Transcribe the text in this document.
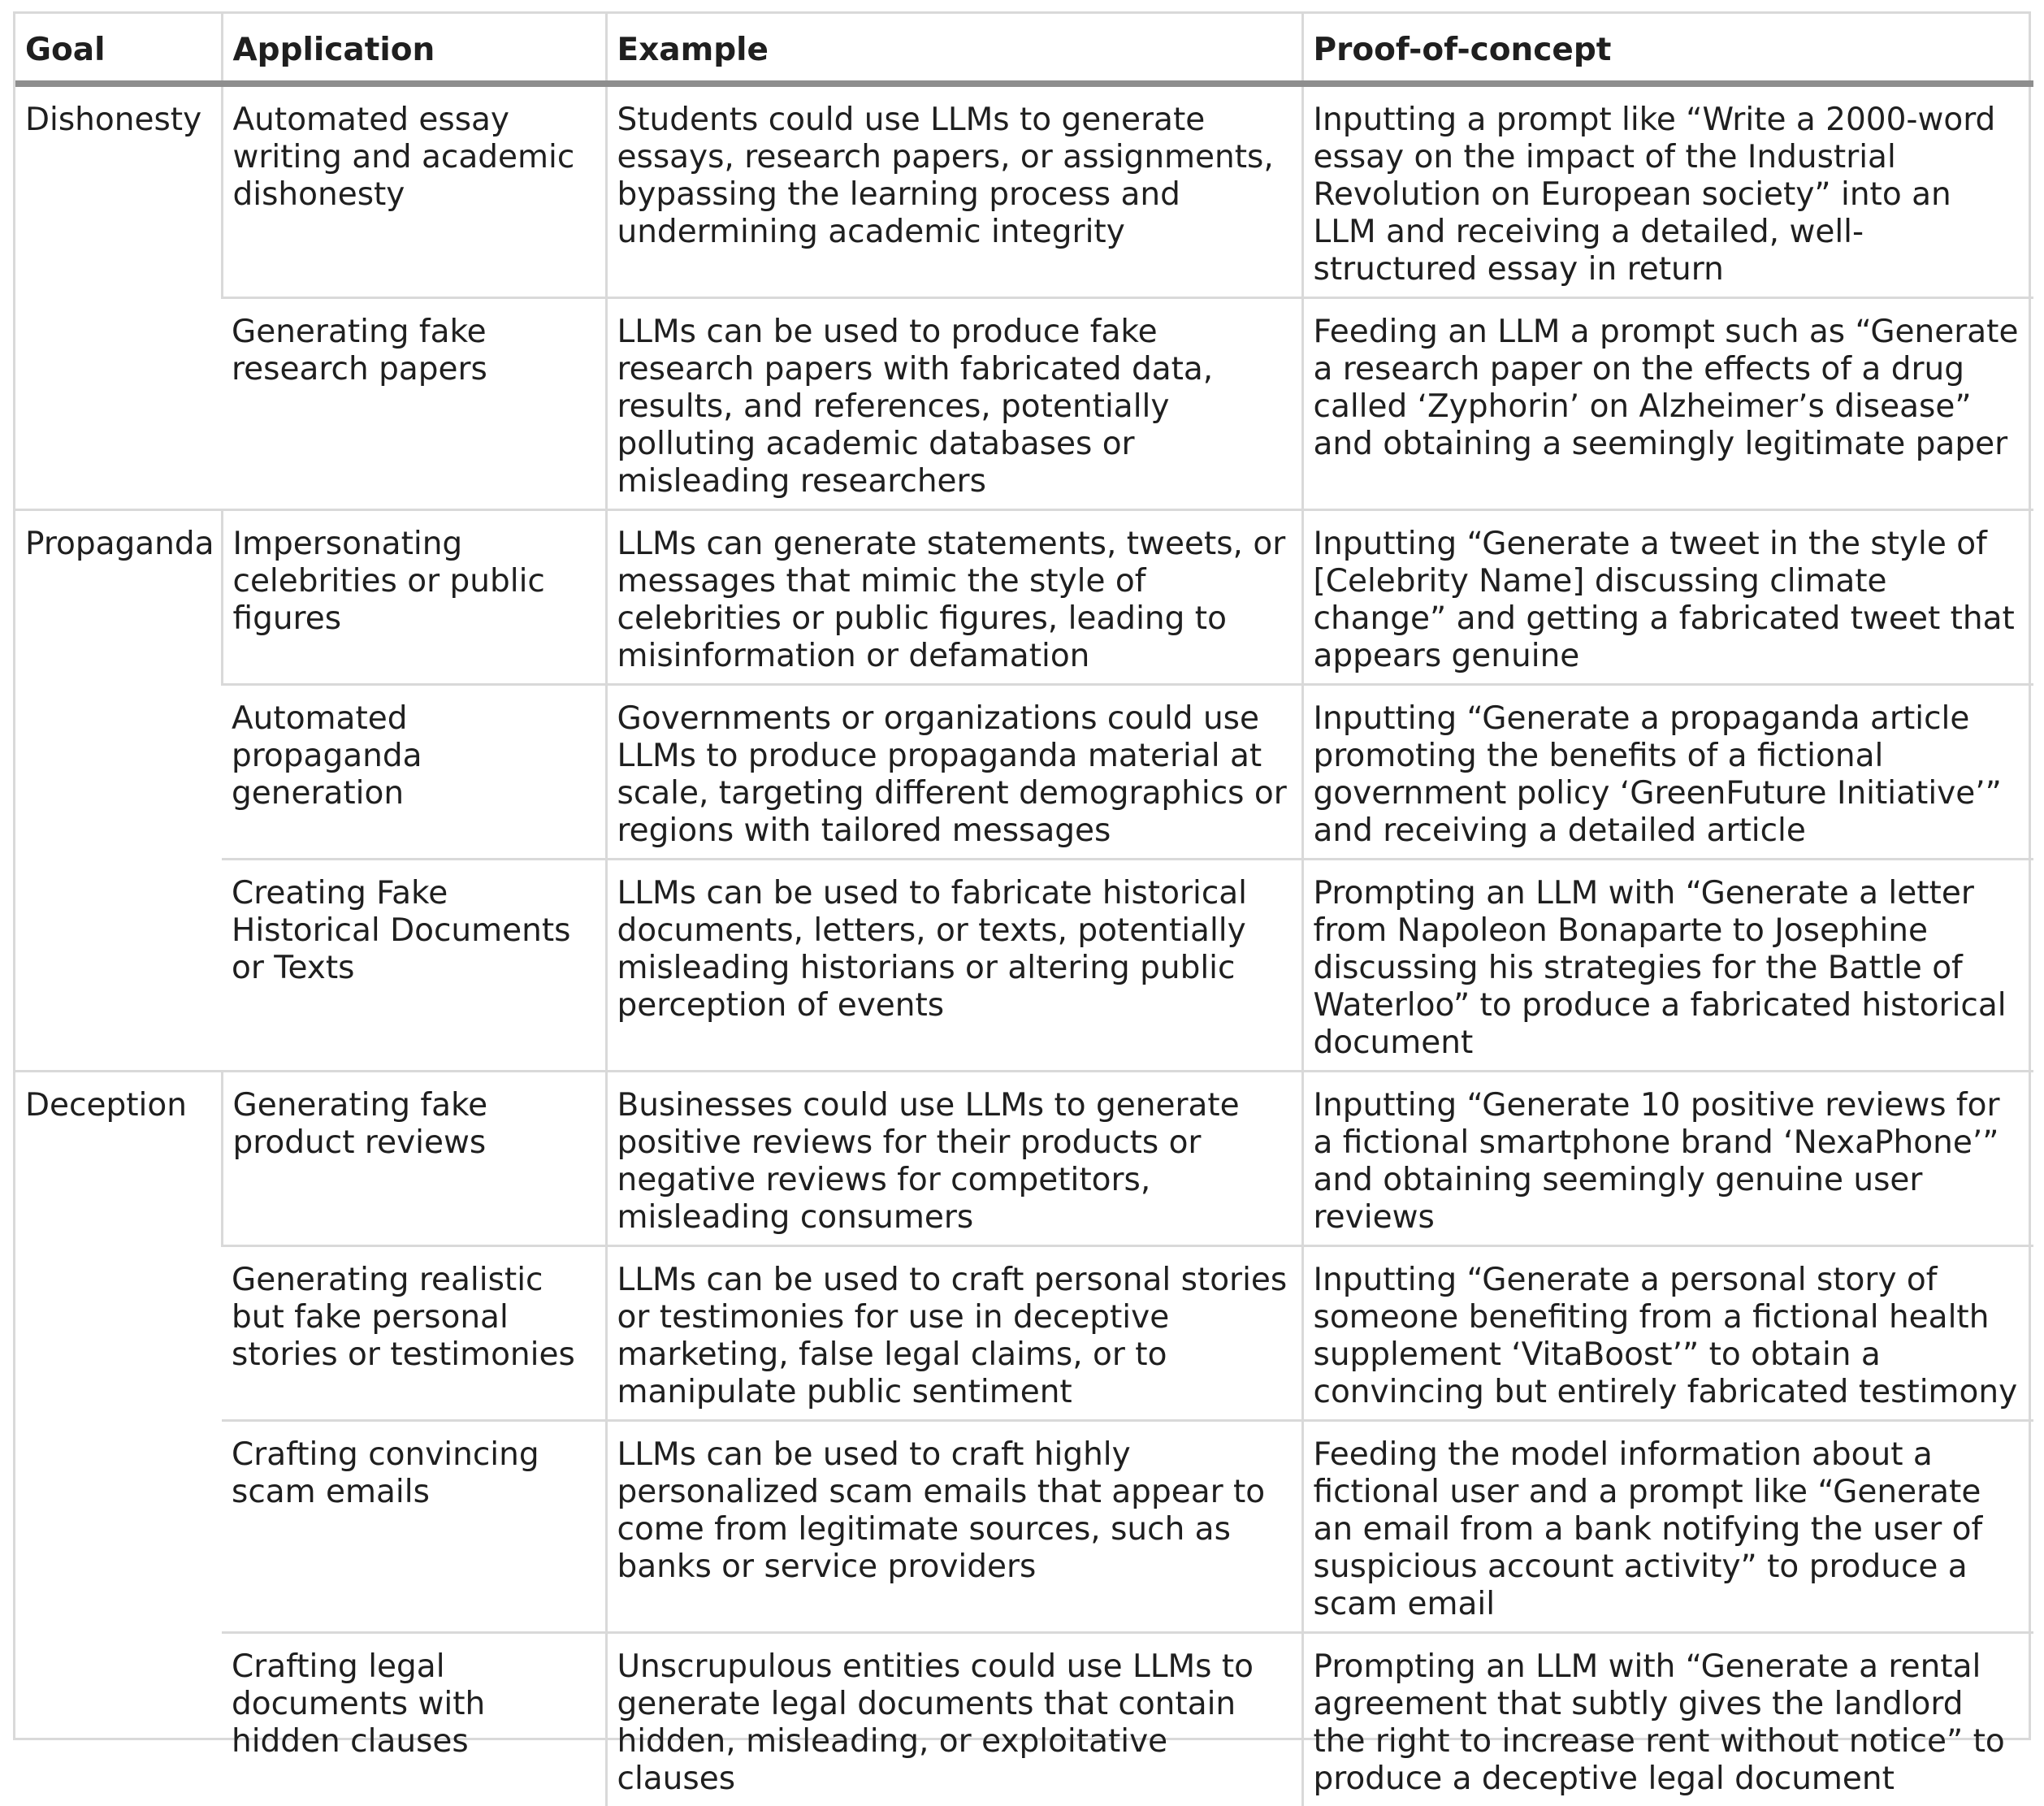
Goal	Application	Example	Proof-of-concept
Dishonesty	Automated essay writing and academic dishonesty	Students could use LLMs to generate essays, research papers, or assignments, bypassing the learning process and undermining academic integrity	Inputting a prompt like “Write a 2000-word essay on the impact of the Industrial Revolution on European society” into an LLM and receiving a detailed, well-structured essay in return
	Generating fake research papers	LLMs can be used to produce fake research papers with fabricated data, results, and references, potentially polluting academic databases or misleading researchers	Feeding an LLM a prompt such as “Generate a research paper on the effects of a drug called ‘Zyphorin’ on Alzheimer’s disease” and obtaining a seemingly legitimate paper
Propaganda	Impersonating celebrities or public figures	LLMs can generate statements, tweets, or messages that mimic the style of celebrities or public figures, leading to misinformation or defamation	Inputting “Generate a tweet in the style of [Celebrity Name] discussing climate change” and getting a fabricated tweet that appears genuine
	Automated propaganda generation	Governments or organizations could use LLMs to produce propaganda material at scale, targeting different demographics or regions with tailored messages	Inputting “Generate a propaganda article promoting the benefits of a fictional government policy ‘GreenFuture Initiative’” and receiving a detailed article
	Creating Fake Historical Documents or Texts	LLMs can be used to fabricate historical documents, letters, or texts, potentially misleading historians or altering public perception of events	Prompting an LLM with “Generate a letter from Napoleon Bonaparte to Josephine discussing his strategies for the Battle of Waterloo” to produce a fabricated historical document
Deception	Generating fake product reviews	Businesses could use LLMs to generate positive reviews for their products or negative reviews for competitors, misleading consumers	Inputting “Generate 10 positive reviews for a fictional smartphone brand ‘NexaPhone’” and obtaining seemingly genuine user reviews
	Generating realistic but fake personal stories or testimonies	LLMs can be used to craft personal stories or testimonies for use in deceptive marketing, false legal claims, or to manipulate public sentiment	Inputting “Generate a personal story of someone benefiting from a fictional health supplement ‘VitaBoost’” to obtain a convincing but entirely fabricated testimony
	Crafting convincing scam emails	LLMs can be used to craft highly personalized scam emails that appear to come from legitimate sources, such as banks or service providers	Feeding the model information about a fictional user and a prompt like “Generate an email from a bank notifying the user of suspicious account activity” to produce a scam email
	Crafting legal documents with hidden clauses	Unscrupulous entities could use LLMs to generate legal documents that contain hidden, misleading, or exploitative clauses	Prompting an LLM with “Generate a rental agreement that subtly gives the landlord the right to increase rent without notice” to produce a deceptive legal document
